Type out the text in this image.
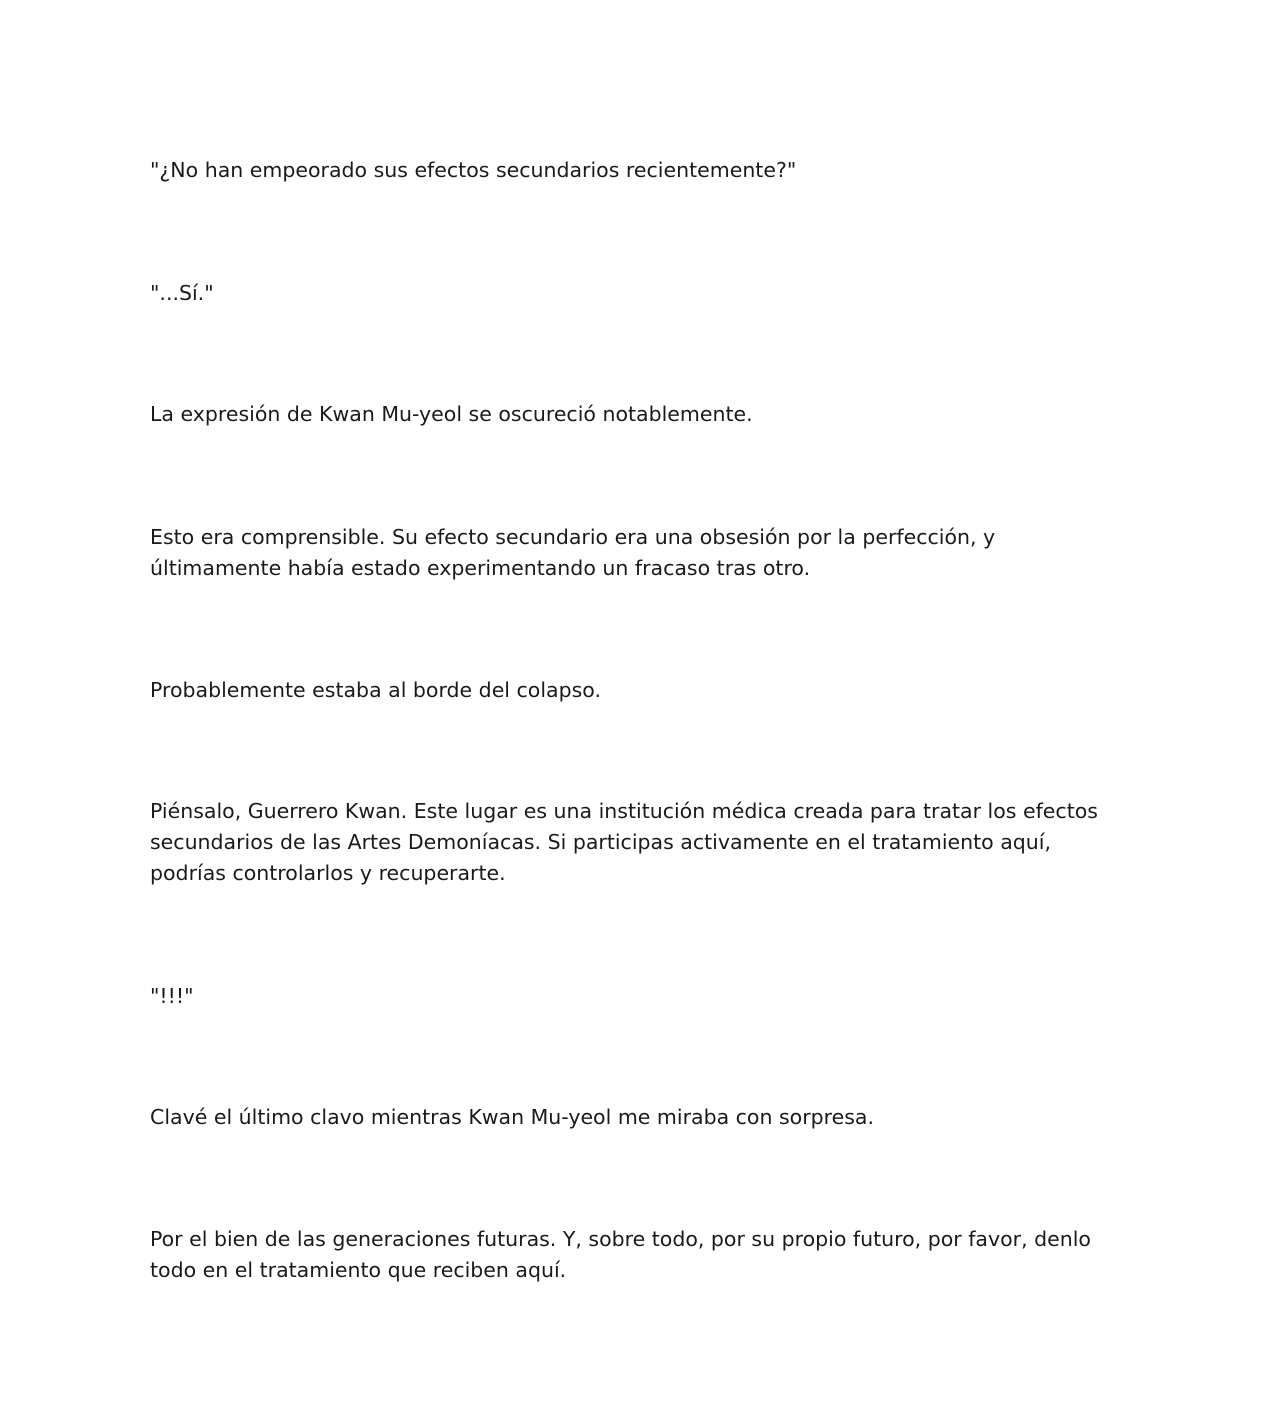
"¿No han empeorado sus efectos secundarios recientemente?"

"...Sí."

La expresión de Kwan Mu-yeol se oscureció notablemente.

Esto era comprensible. Su efecto secundario era una obsesión por la perfección, y últimamente había estado experimentando un fracaso tras otro.

Probablemente estaba al borde del colapso.

Piénsalo, Guerrero Kwan. Este lugar es una institución médica creada para tratar los efectos secundarios de las Artes Demoníacas. Si participas activamente en el tratamiento aquí, podrías controlarlos y recuperarte.

"!!!"

Clavé el último clavo mientras Kwan Mu-yeol me miraba con sorpresa.

Por el bien de las generaciones futuras. Y, sobre todo, por su propio futuro, por favor, denlo todo en el tratamiento que reciben aquí.
